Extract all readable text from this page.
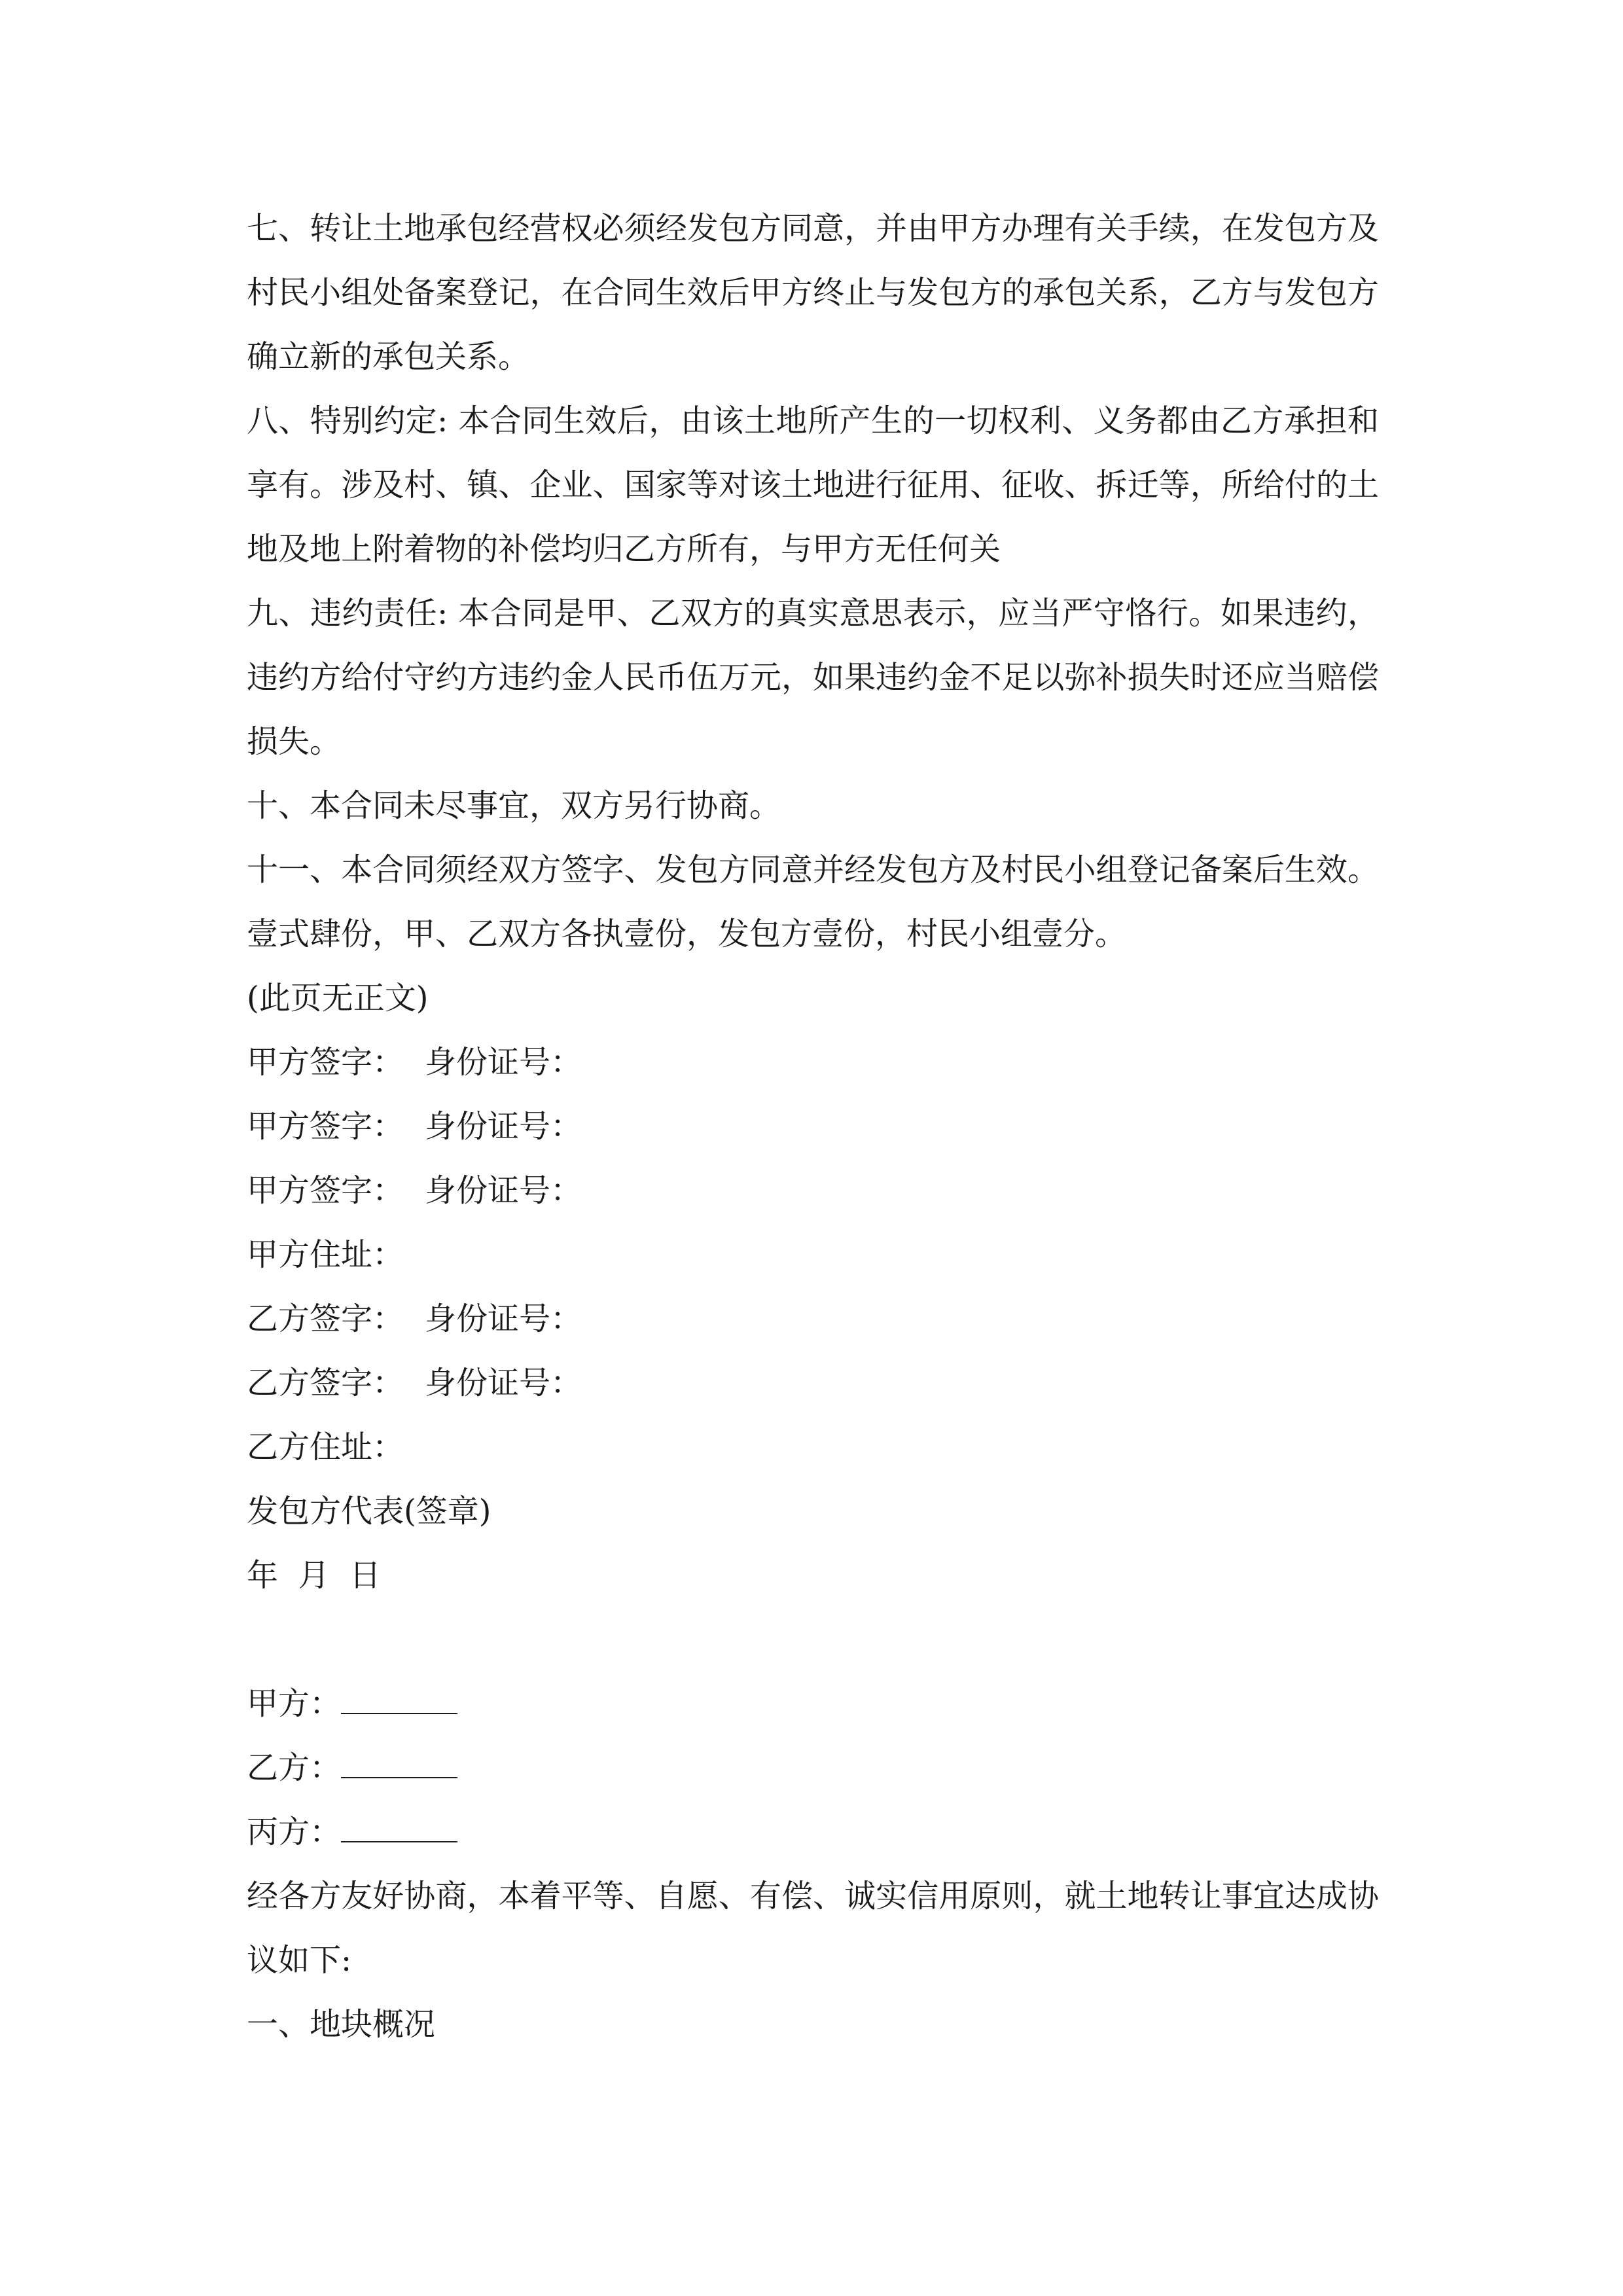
七、转让土地承包经营权必须经发包方同意，并由甲方办理有关手续，在发包方及村民小组处备案登记，在合同生效后甲方终止与发包方的承包关系，乙方与发包方确立新的承包关系。

八、特别约定: 本合同生效后，由该土地所产生的一切权利、义务都由乙方承担和享有。涉及村、镇、企业、国家等对该土地进行征用、征收、拆迁等，所给付的土地及地上附着物的补偿均归乙方所有，与甲方无任何关

九、违约责任: 本合同是甲、乙双方的真实意思表示，应当严守恪行。如果违约，违约方给付守约方违约金人民币伍万元，如果违约金不足以弥补损失时还应当赔偿损失。

十、本合同未尽事宜，双方另行协商。

十一、本合同须经双方签字、发包方同意并经发包方及村民小组登记备案后生效。壹式肆份，甲、乙双方各执壹份，发包方壹份，村民小组壹分。

(此页无正文)

甲方签字： 身份证号：
甲方签字： 身份证号：
甲方签字： 身份证号：

甲方住址：

乙方签字： 身份证号：
乙方签字： 身份证号：

乙方住址：

发包方代表(签章)

年  月  日

甲方：
乙方：
丙方：

经各方友好协商，本着平等、自愿、有偿、诚实信用原则，就土地转让事宜达成协议如下:

一、地块概况
